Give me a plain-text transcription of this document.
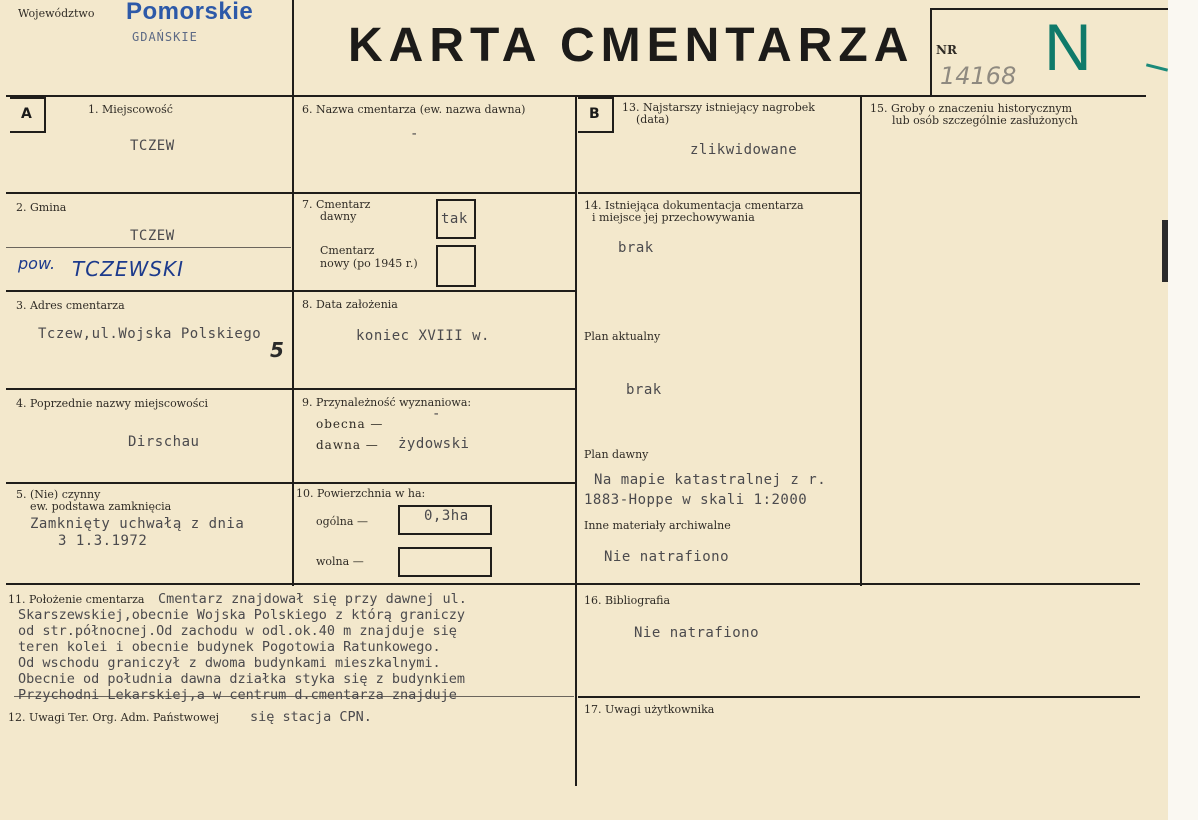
Województwo Pomorskie
GDAŃSKIE	KARTA CMENTARZA NR N
14168
A	B
1. Miejscowość
TCZEW
2. Gmina
TCZEW
pow. TCZEWSKI
3. Adres cmentarza
Tczew,ul.Wojska Polskiego
5
4. Poprzednie nazwy miejscowości
Dirschau
5. (Nie) czynny
ew. podstawa zamknięcia
Zamknięty uchwałą z dnia
3 1.3.1972
6. Nazwa cmentarza (ew. nazwa dawna)
-
7. Cmentarz
dawny	tak
Cmentarz
nowy (po 1945 r.)
8. Data założenia
koniec XVIII w.
9. Przynależność wyznaniowa:
obecna —
-
dawna — żydowski
10. Powierzchnia w ha:
ogólna —	0,3ha
wolna —
11. Położenie cmentarza Cmentarz znajdował się przy dawnej ul.
Skarszewskiej,obecnie Wojska Polskiego z którą graniczy
od str.północnej.Od zachodu w odl.ok.40 m znajduje się
teren kolei i obecnie budynek Pogotowia Ratunkowego.
Od wschodu graniczył z dwoma budynkami mieszkalnymi.
Obecnie od południa dawna działka styka się z budynkiem
Przychodni Lekarskiej,a w centrum d.cmentarza znajduje
12. Uwagi Ter. Org. Adm. Państwowej się stacja CPN.
13. Najstarszy istniejący nagrobek
(data)
zlikwidowane
14. Istniejąca dokumentacja cmentarza
i miejsce jej przechowywania
brak
Plan aktualny
brak
Plan dawny
Na mapie katastralnej z r.
1883-Hoppe w skali 1:2000
Inne materiały archiwalne
Nie natrafiono
15. Groby o znaczeniu historycznym
lub osób szczególnie zasłużonych
16. Bibliografia
Nie natrafiono
17. Uwagi użytkownika
